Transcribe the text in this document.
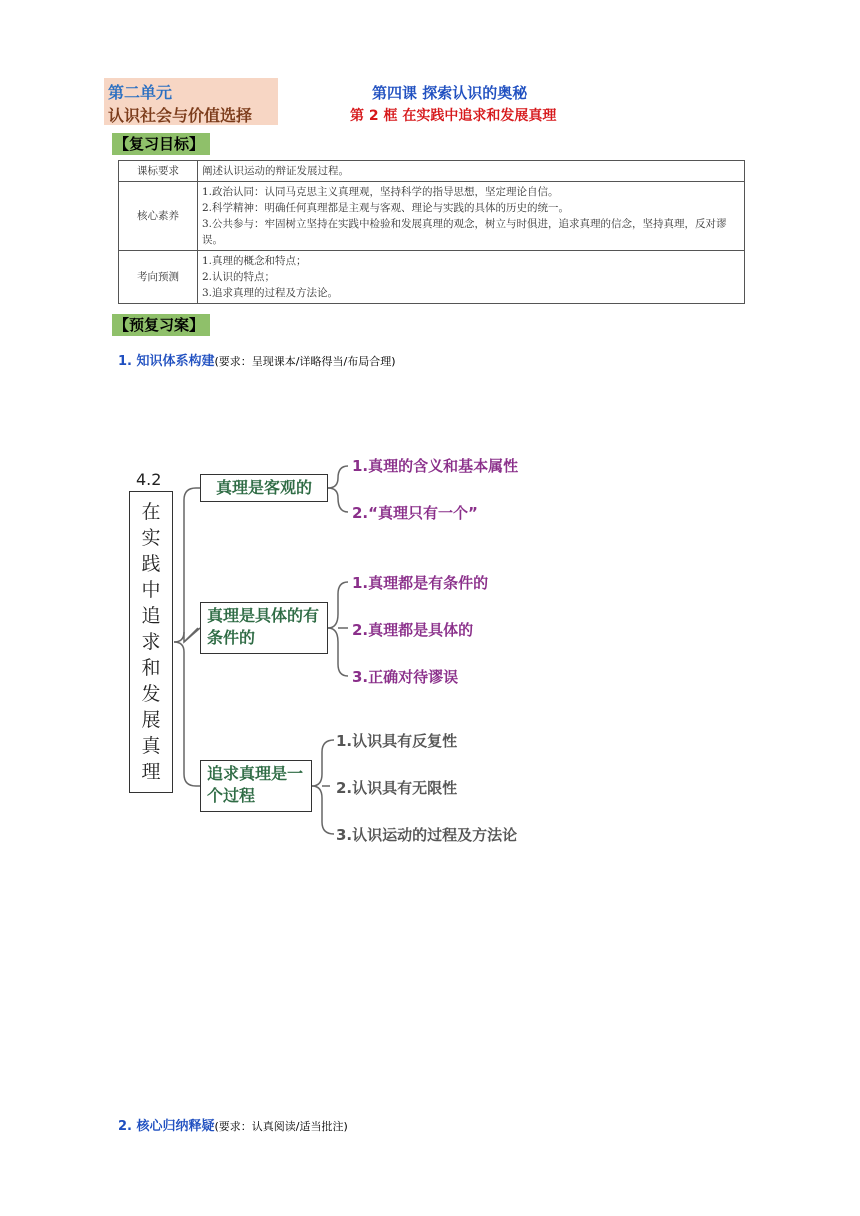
第二单元
认识社会与价值选择
第四课 探索认识的奥秘
第 2 框 在实践中追求和发展真理
【复习目标】
课标要求	阐述认识运动的辩证发展过程。

核心素养	1.政治认同：认同马克思主义真理观，坚持科学的指导思想，坚定理论自信。
2.科学精神：明确任何真理都是主观与客观、理论与实践的具体的历史的统一。
3.公共参与：牢固树立坚持在实践中检验和发展真理的观念，树立与时俱进，追求真理的信念，坚持真理，反对谬误。

考向预测	1.真理的概念和特点；
2.认识的特点；
3.追求真理的过程及方法论。
【预复习案】
1. 知识体系构建(要求：呈现课本/详略得当/布局合理)
4.2
在
实
践
中
追
求
和
发
展
真
理
真理是客观的
1.真理的含义和基本属性
2.“真理只有一个”
真理是具体的有条件的
1.真理都是有条件的
2.真理都是具体的
3.正确对待谬误
追求真理是一个过程
1.认识具有反复性
2.认识具有无限性
3.认识运动的过程及方法论
2. 核心归纳释疑(要求：认真阅读/适当批注)
